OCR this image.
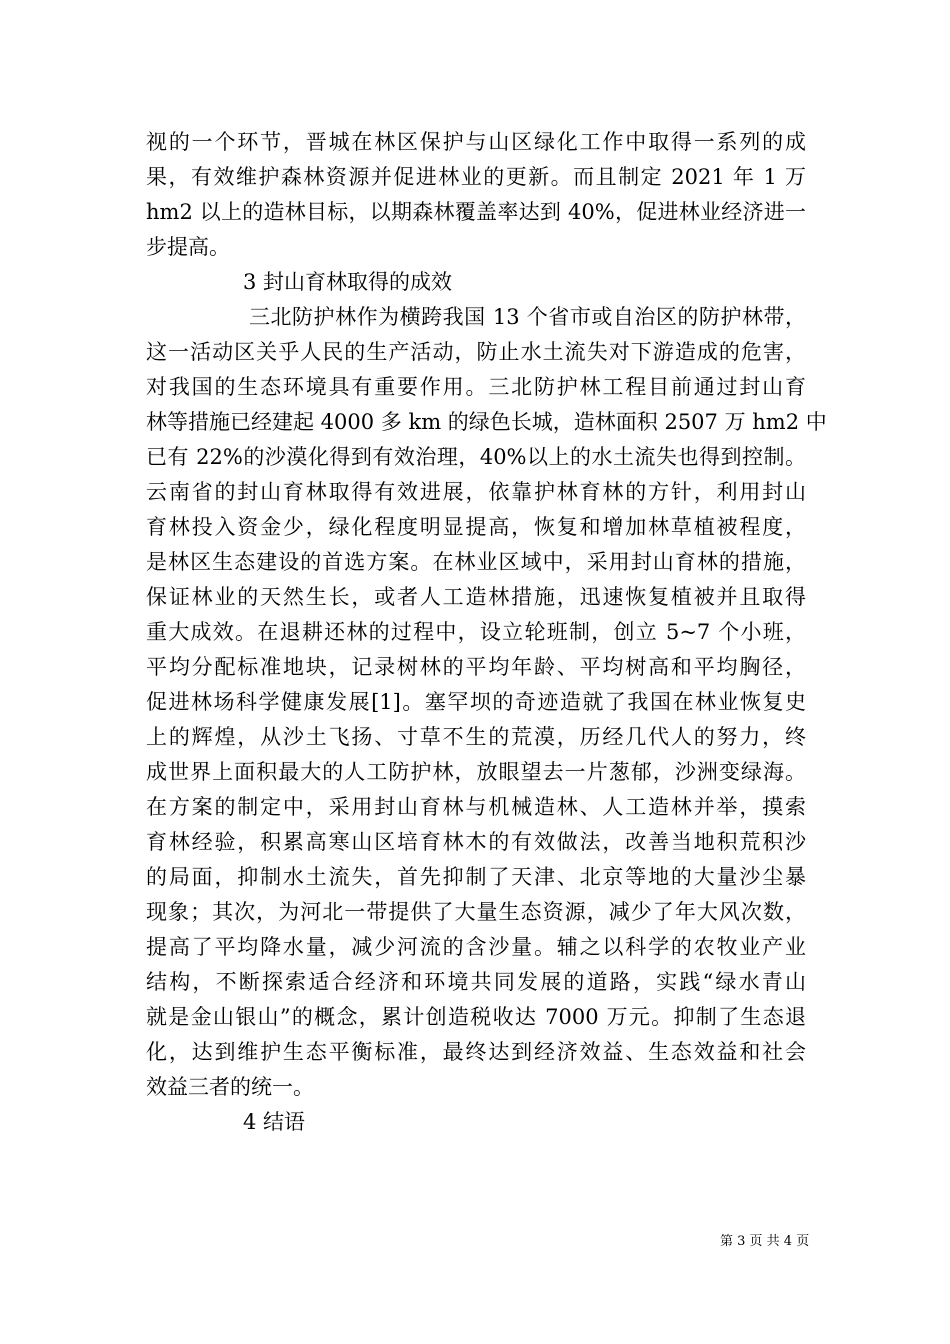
视的一个环节，晋城在林区保护与山区绿化工作中取得一系列的成
果，有效维护森林资源并促进林业的更新。而且制定 2021 年 1 万
hm2 以上的造林目标，以期森林覆盖率达到 40%，促进林业经济进一
步提高。
3 封山育林取得的成效
三北防护林作为横跨我国 13 个省市或自治区的防护林带，
这一活动区关乎人民的生产活动，防止水土流失对下游造成的危害，
对我国的生态环境具有重要作用。三北防护林工程目前通过封山育
林等措施已经建起 4000 多 km 的绿色长城，造林面积 2507 万 hm2 中
已有 22%的沙漠化得到有效治理，40%以上的水土流失也得到控制。
云南省的封山育林取得有效进展，依靠护林育林的方针，利用封山
育林投入资金少，绿化程度明显提高，恢复和增加林草植被程度，
是林区生态建设的首选方案。在林业区域中，采用封山育林的措施，
保证林业的天然生长，或者人工造林措施，迅速恢复植被并且取得
重大成效。在退耕还林的过程中，设立轮班制，创立 5~7 个小班，
平均分配标准地块，记录树林的平均年龄、平均树高和平均胸径，
促进林场科学健康发展[1]。塞罕坝的奇迹造就了我国在林业恢复史
上的辉煌，从沙土飞扬、寸草不生的荒漠，历经几代人的努力，终
成世界上面积最大的人工防护林，放眼望去一片葱郁，沙洲变绿海。
在方案的制定中，采用封山育林与机械造林、人工造林并举，摸索
育林经验，积累高寒山区培育林木的有效做法，改善当地积荒积沙
的局面，抑制水土流失，首先抑制了天津、北京等地的大量沙尘暴
现象；其次，为河北一带提供了大量生态资源，减少了年大风次数，
提高了平均降水量，减少河流的含沙量。辅之以科学的农牧业产业
结构，不断探索适合经济和环境共同发展的道路，实践“绿水青山
就是金山银山”的概念，累计创造税收达 7000 万元。抑制了生态退
化，达到维护生态平衡标准，最终达到经济效益、生态效益和社会
效益三者的统一。
4 结语
第 3 页 共 4 页
